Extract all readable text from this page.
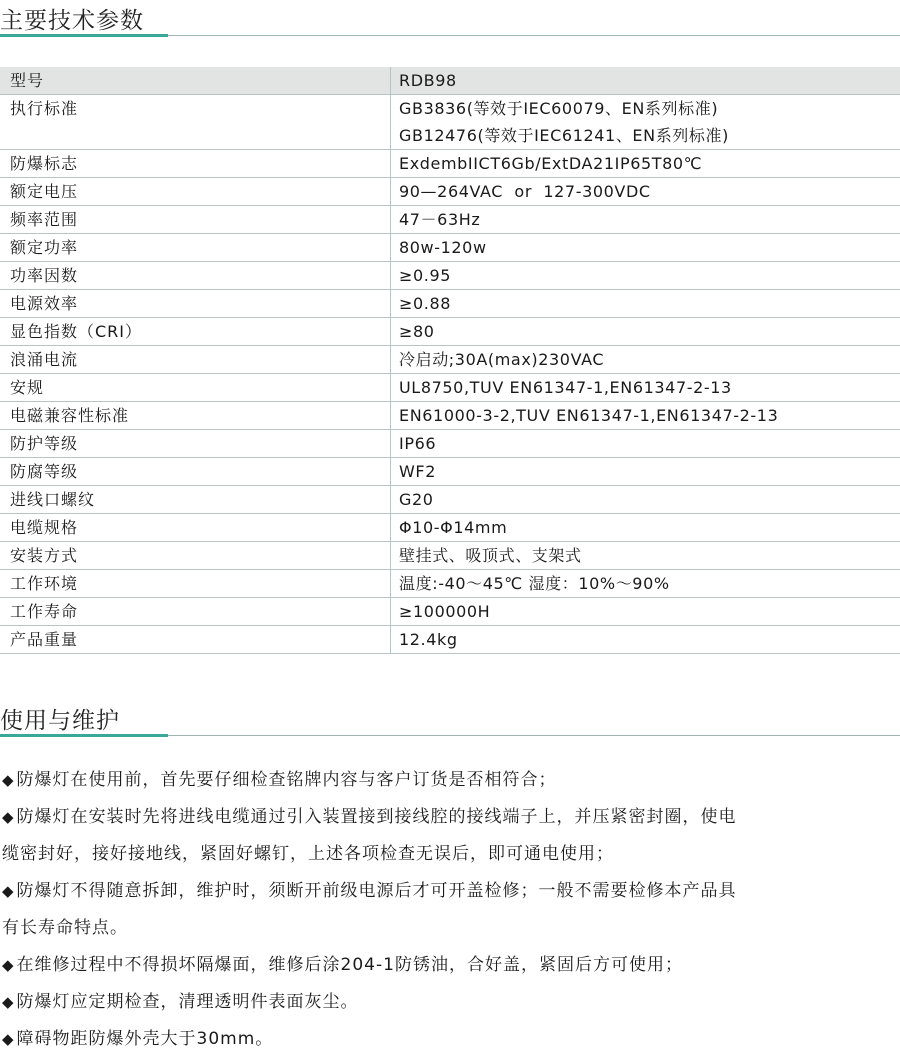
主要技术参数
型号	RDB98

执行标准	GB3836(等效于IEC60079、EN系列标准)
GB12476(等效于IEC61241、EN系列标准)

防爆标志	ExdembIICT6Gb/ExtDA21IP65T80℃

额定电压	90—264VAC  or  127-300VDC

频率范围	47－63Hz

额定功率	80w-120w

功率因数	≥0.95

电源效率	≥0.88

显色指数（CRI）	≥80

浪涌电流	冷启动;30A(max)230VAC

安规	UL8750,TUV EN61347-1,EN61347-2-13

电磁兼容性标准	EN61000-3-2,TUV EN61347-1,EN61347-2-13

防护等级	IP66

防腐等级	WF2

进线口螺纹	G20

电缆规格	Φ10-Φ14mm

安装方式	壁挂式、吸顶式、支架式

工作环境	温度:-40～45℃ 湿度：10%～90%

工作寿命	≥100000H

产品重量	12.4kg
使用与维护
◆ 防爆灯在使用前，首先要仔细检查铭牌内容与客户订货是否相符合；
◆ 防爆灯在安装时先将进线电缆通过引入装置接到接线腔的接线端子上，并压紧密封圈，使电
缆密封好，接好接地线，紧固好螺钉，上述各项检查无误后，即可通电使用；
◆ 防爆灯不得随意拆卸，维护时，须断开前级电源后才可开盖检修；一般不需要检修本产品具
有长寿命特点。
◆ 在维修过程中不得损坏隔爆面，维修后涂204-1防锈油，合好盖，紧固后方可使用；
◆ 防爆灯应定期检查，清理透明件表面灰尘。
◆ 障碍物距防爆外壳大于30mm。
